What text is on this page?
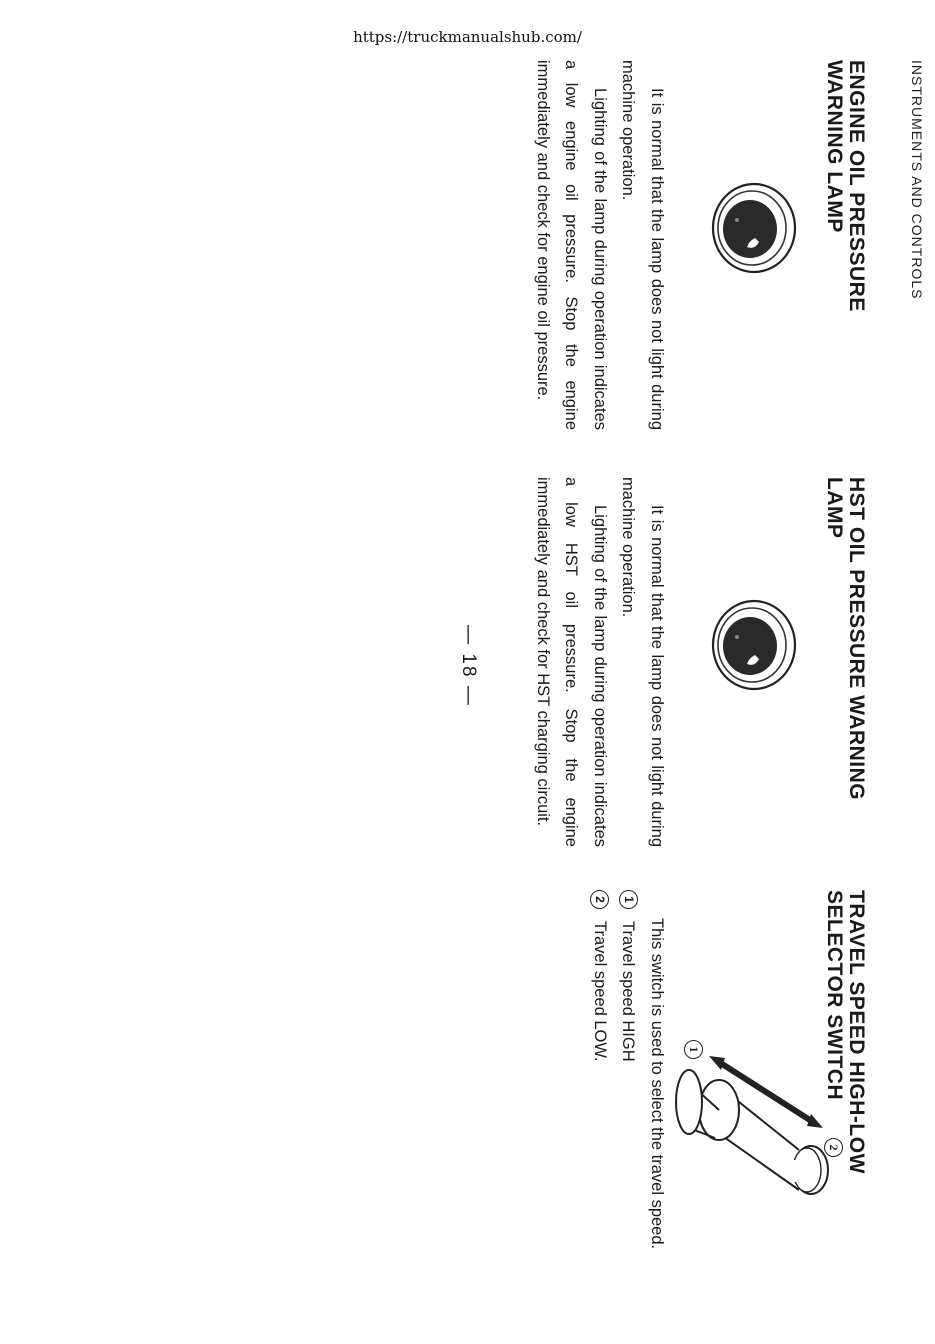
https://truckmanualshub.com/
INSTRUMENTS AND CONTROLS
ENGINE OIL PRESSURE
WARNING LAMP

It is normal that the lamp does not light during machine operation.

Lighting of the lamp during operation indicates a low engine oil pressure. Stop the engine immediately and check for engine oil pressure.

HST OIL PRESSURE WARNING
LAMP

It is normal that the lamp does not light during machine operation.

Lighting of the lamp during operation indicates a low HST oil pressure. Stop the engine immediately and check for HST charging circuit.

TRAVEL SPEED HIGH-LOW
SELECTOR SWITCH
2
1

This switch is used to select the travel speed.

1
Travel speed HIGH
2
Travel speed LOW.
— 18 —
